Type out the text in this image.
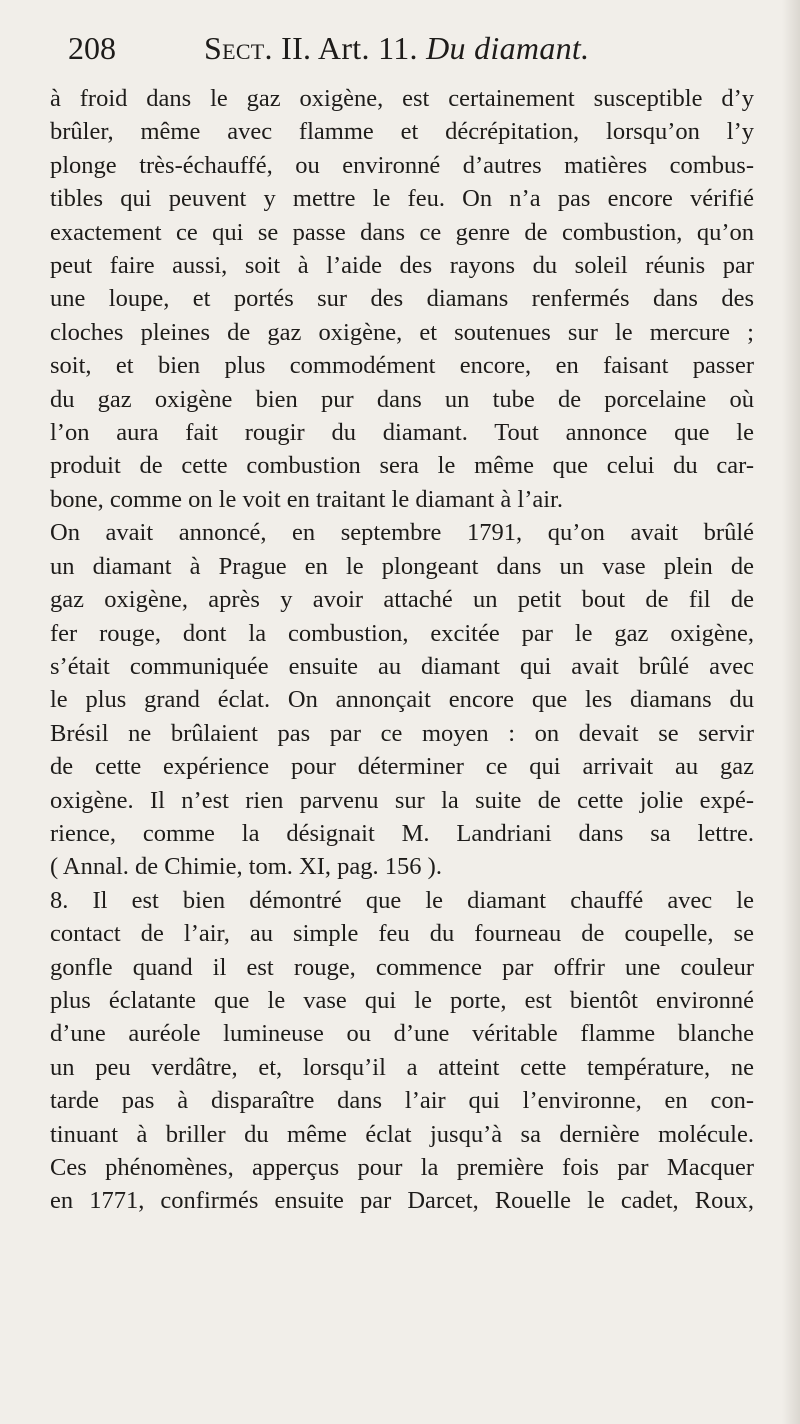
208	Sect. II. Art. 11. Du diamant.

à froid dans le gaz oxigène, est certainement susceptible d’y

brûler, même avec flamme et décrépitation, lorsqu’on l’y

plonge très-échauffé, ou environné d’autres matières combus-

tibles qui peuvent y mettre le feu. On n’a pas encore vérifié

exactement ce qui se passe dans ce genre de combustion, qu’on

peut faire aussi, soit à l’aide des rayons du soleil réunis par

une loupe, et portés sur des diamans renfermés dans des

cloches pleines de gaz oxigène, et soutenues sur le mercure ;

soit, et bien plus commodément encore, en faisant passer

du gaz oxigène bien pur dans un tube de porcelaine où

l’on aura fait rougir du diamant. Tout annonce que le

produit de cette combustion sera le même que celui du car-

bone, comme on le voit en traitant le diamant à l’air.

On avait annoncé, en septembre 1791, qu’on avait brûlé

un diamant à Prague en le plongeant dans un vase plein de

gaz oxigène, après y avoir attaché un petit bout de fil de

fer rouge, dont la combustion, excitée par le gaz oxigène,

s’était communiquée ensuite au diamant qui avait brûlé avec

le plus grand éclat. On annonçait encore que les diamans du

Brésil ne brûlaient pas par ce moyen : on devait se servir

de cette expérience pour déterminer ce qui arrivait au gaz

oxigène. Il n’est rien parvenu sur la suite de cette jolie expé-

rience, comme la désignait M. Landriani dans sa lettre.

( Annal. de Chimie, tom. XI, pag. 156 ).

8. Il est bien démontré que le diamant chauffé avec le

contact de l’air, au simple feu du fourneau de coupelle, se

gonfle quand il est rouge, commence par offrir une couleur

plus éclatante que le vase qui le porte, est bientôt environné

d’une auréole lumineuse ou d’une véritable flamme blanche

un peu verdâtre, et, lorsqu’il a atteint cette température, ne

tarde pas à disparaître dans l’air qui l’environne, en con-

tinuant à briller du même éclat jusqu’à sa dernière molécule.

Ces phénomènes, apperçus pour la première fois par Macquer

en 1771, confirmés ensuite par Darcet, Rouelle le cadet, Roux,
